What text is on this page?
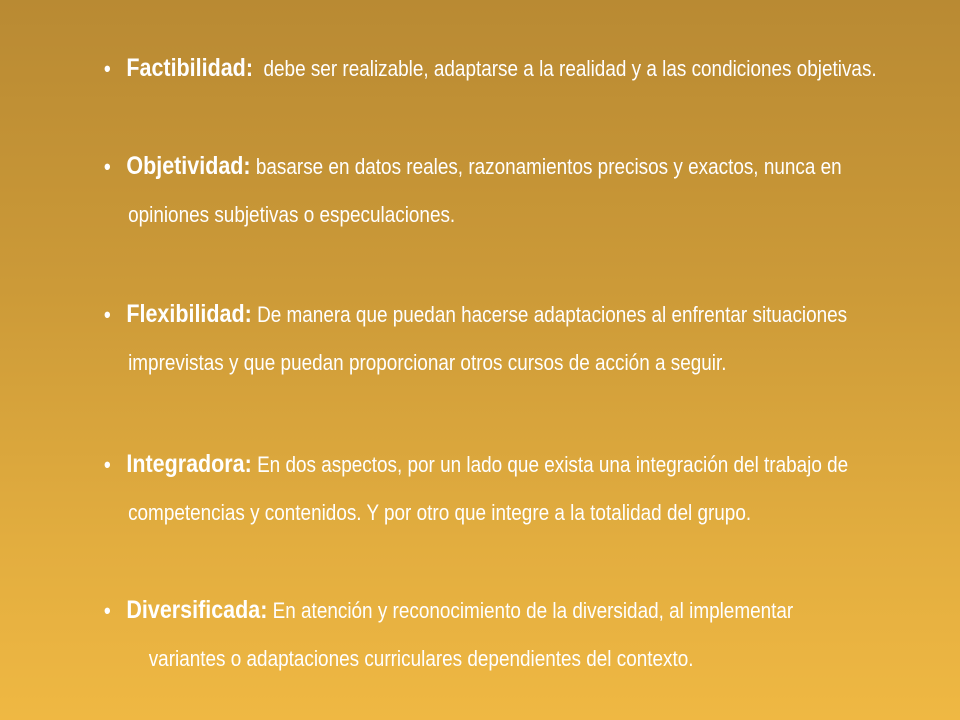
• Factibilidad: debe ser realizable, adaptarse a la realidad y a las condiciones objetivas.
• Objetividad: basarse en datos reales, razonamientos precisos y exactos, nunca en
opiniones subjetivas o especulaciones.
• Flexibilidad: De manera que puedan hacerse adaptaciones al enfrentar situaciones
imprevistas y que puedan proporcionar otros cursos de acción a seguir.
• Integradora: En dos aspectos, por un lado que exista una integración del trabajo de
competencias y contenidos. Y por otro que integre a la totalidad del grupo.
• Diversificada: En atención y reconocimiento de la diversidad, al implementar
variantes o adaptaciones curriculares dependientes del contexto.
